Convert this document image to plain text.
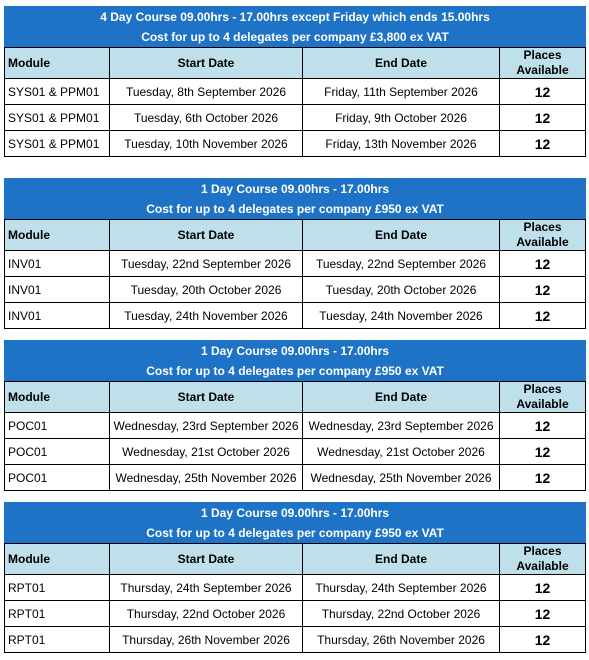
4 Day Course 09.00hrs - 17.00hrs except Friday which ends 15.00hrs			
Cost for up to 4 delegates per company £3,800 ex VAT			
Module	Start Date	End Date	Places Available
SYS01 & PPM01	Tuesday, 8th September 2026	Friday, 11th September 2026	12
SYS01 & PPM01	Tuesday, 6th October 2026	Friday, 9th October 2026	12
SYS01 & PPM01	Tuesday, 10th November 2026	Friday, 13th November 2026	12
1 Day Course 09.00hrs - 17.00hrs			
Cost for up to 4 delegates per company £950 ex VAT			
Module	Start Date	End Date	Places Available
INV01	Tuesday, 22nd September 2026	Tuesday, 22nd September 2026	12
INV01	Tuesday, 20th October 2026	Tuesday, 20th October 2026	12
INV01	Tuesday, 24th November 2026	Tuesday, 24th November 2026	12
1 Day Course 09.00hrs - 17.00hrs			
Cost for up to 4 delegates per company £950 ex VAT			
Module	Start Date	End Date	Places Available
POC01	Wednesday, 23rd September 2026	Wednesday, 23rd September 2026	12
POC01	Wednesday, 21st October 2026	Wednesday, 21st October 2026	12
POC01	Wednesday, 25th November 2026	Wednesday, 25th November 2026	12
1 Day Course 09.00hrs - 17.00hrs			
Cost for up to 4 delegates per company £950 ex VAT			
Module	Start Date	End Date	Places Available
RPT01	Thursday, 24th September 2026	Thursday, 24th September 2026	12
RPT01	Thursday, 22nd October 2026	Thursday, 22nd October 2026	12
RPT01	Thursday, 26th November 2026	Thursday, 26th November 2026	12
